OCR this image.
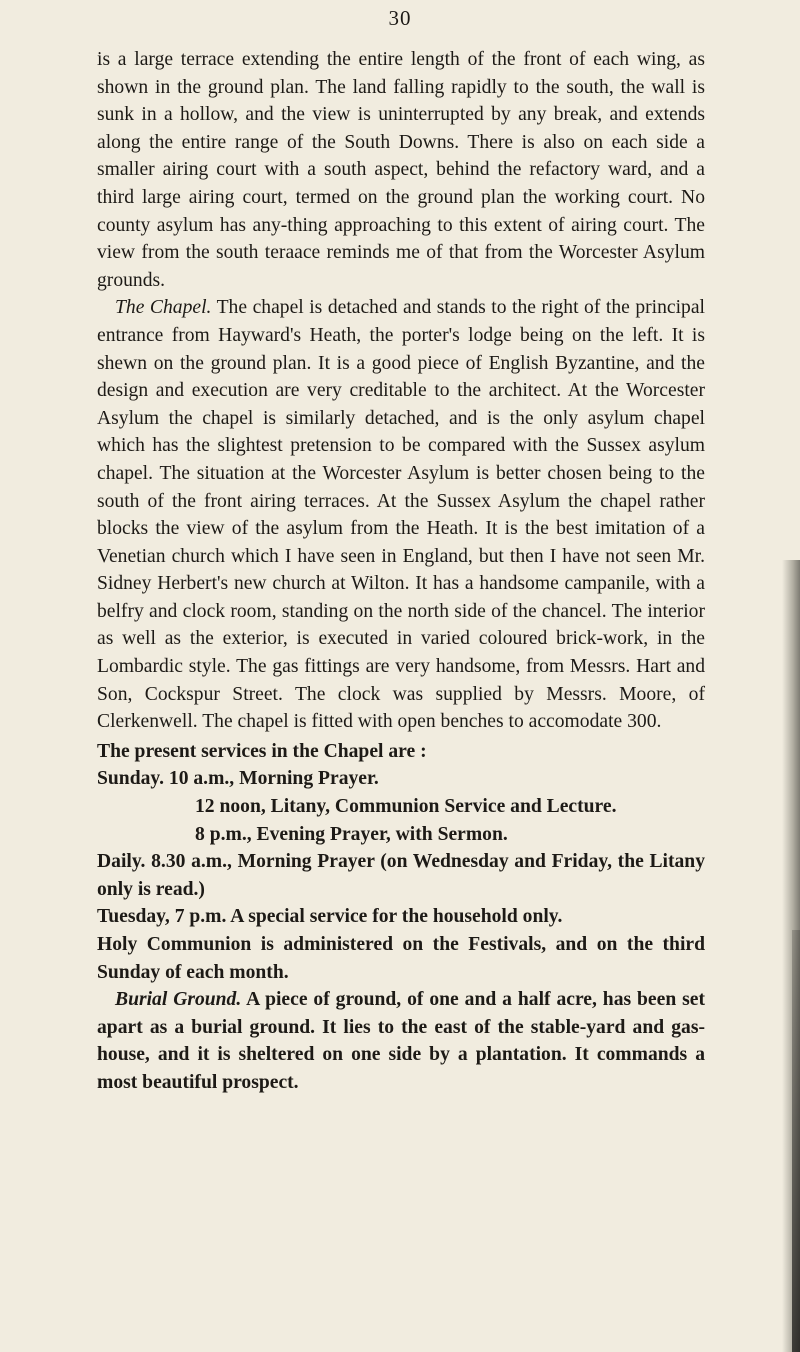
30

is a large terrace extending the entire length of the front of each wing, as shown in the ground plan. The land falling rapidly to the south, the wall is sunk in a hollow, and the view is uninterrupted by any break, and extends along the entire range of the South Downs. There is also on each side a smaller airing court with a south aspect, behind the refactory ward, and a third large airing court, termed on the ground plan the working court. No county asylum has any-thing approaching to this extent of airing court. The view from the south teraace reminds me of that from the Worcester Asylum grounds.

The Chapel. The chapel is detached and stands to the right of the principal entrance from Hayward's Heath, the porter's lodge being on the left. It is shewn on the ground plan. It is a good piece of English Byzantine, and the design and execution are very creditable to the architect. At the Worcester Asylum the chapel is similarly detached, and is the only asylum chapel which has the slightest pretension to be compared with the Sussex asylum chapel. The situation at the Worcester Asylum is better chosen being to the south of the front airing terraces. At the Sussex Asylum the chapel rather blocks the view of the asylum from the Heath. It is the best imitation of a Venetian church which I have seen in England, but then I have not seen Mr. Sidney Herbert's new church at Wilton. It has a handsome campanile, with a belfry and clock room, standing on the north side of the chancel. The interior as well as the exterior, is executed in varied coloured brick-work, in the Lombardic style. The gas fittings are very handsome, from Messrs. Hart and Son, Cockspur Street. The clock was supplied by Messrs. Moore, of Clerkenwell. The chapel is fitted with open benches to accomodate 300.

The present services in the Chapel are :
Sunday. 10 a.m., Morning Prayer.
12 noon, Litany, Communion Service and Lecture.
8 p.m., Evening Prayer, with Sermon.

Daily. 8.30 a.m., Morning Prayer (on Wednesday and Friday, the Litany only is read.)

Tuesday, 7 p.m. A special service for the household only.

Holy Communion is administered on the Festivals, and on the third Sunday of each month.

Burial Ground. A piece of ground, of one and a half acre, has been set apart as a burial ground. It lies to the east of the stable-yard and gas-house, and it is sheltered on one side by a plantation. It commands a most beautiful prospect.
